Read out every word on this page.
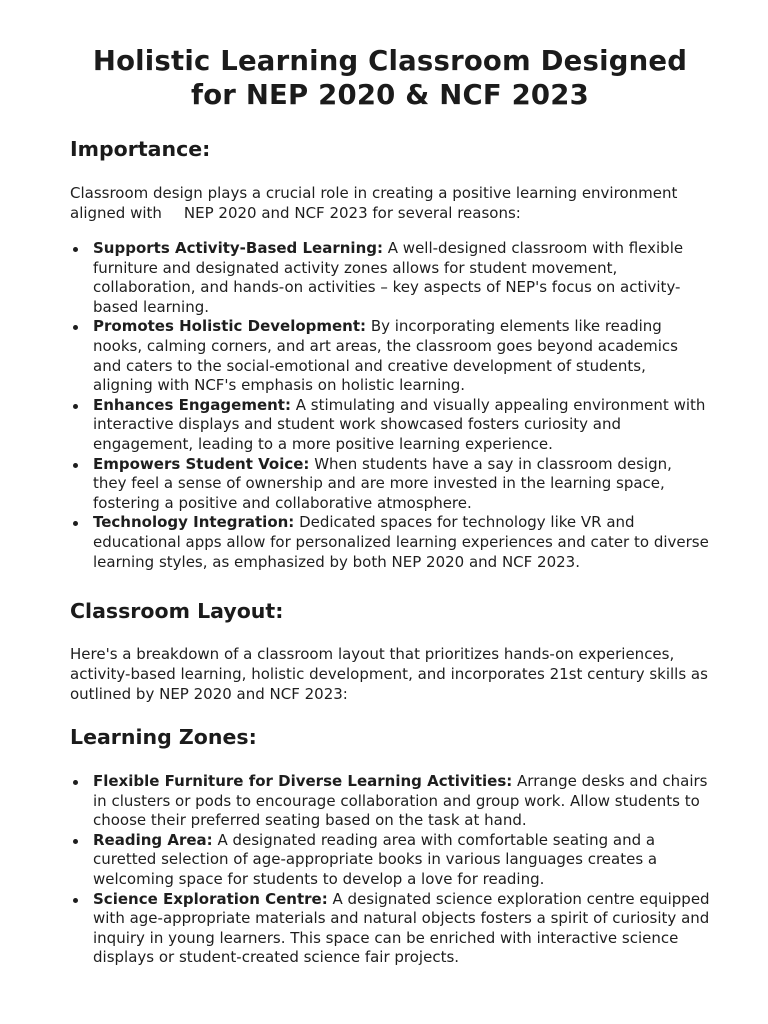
Holistic Learning Classroom Designed
for NEP 2020 & NCF 2023
Importance:

Classroom design plays a crucial role in creating a positive learning environment aligned with NEP 2020 and NCF 2023 for several reasons:

Supports Activity-Based Learning: A well-designed classroom with flexible furniture and designated activity zones allows for student movement, collaboration, and hands-on activities – key aspects of NEP's focus on activity-based learning.
Promotes Holistic Development: By incorporating elements like reading nooks, calming corners, and art areas, the classroom goes beyond academics and caters to the social-emotional and creative development of students, aligning with NCF's emphasis on holistic learning.
Enhances Engagement: A stimulating and visually appealing environment with interactive displays and student work showcased fosters curiosity and engagement, leading to a more positive learning experience.
Empowers Student Voice: When students have a say in classroom design, they feel a sense of ownership and are more invested in the learning space, fostering a positive and collaborative atmosphere.
Technology Integration: Dedicated spaces for technology like VR and educational apps allow for personalized learning experiences and cater to diverse learning styles, as emphasized by both NEP 2020 and NCF 2023.
Classroom Layout:

Here's a breakdown of a classroom layout that prioritizes hands-on experiences, activity-based learning, holistic development, and incorporates 21st century skills as outlined by NEP 2020 and NCF 2023:

Learning Zones:
Flexible Furniture for Diverse Learning Activities: Arrange desks and chairs in clusters or pods to encourage collaboration and group work. Allow students to choose their preferred seating based on the task at hand.
Reading Area: A designated reading area with comfortable seating and a curetted selection of age-appropriate books in various languages creates a welcoming space for students to develop a love for reading.
Science Exploration Centre: A designated science exploration centre equipped with age-appropriate materials and natural objects fosters a spirit of curiosity and inquiry in young learners. This space can be enriched with interactive science displays or student-created science fair projects.
